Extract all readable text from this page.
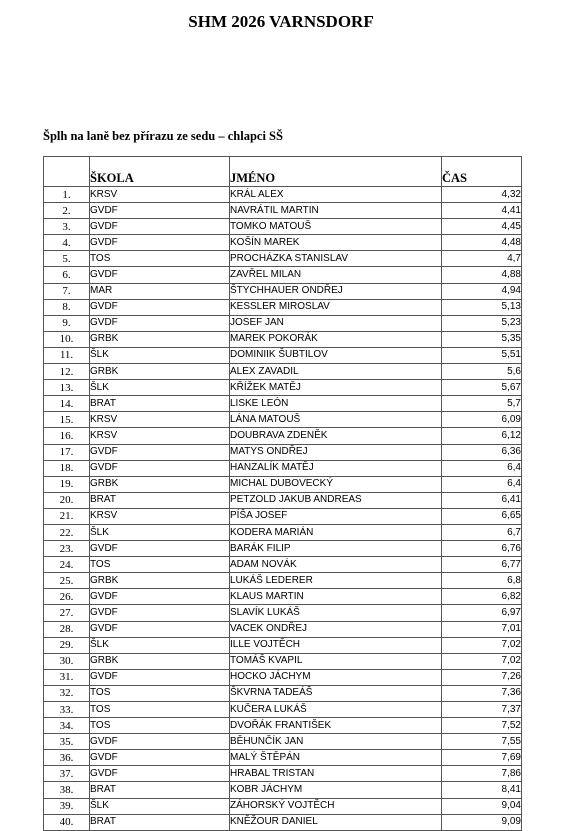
SHM 2026 VARNSDORF
Šplh na laně bez přírazu ze sedu – chlapci SŠ
	ŠKOLA	JMÉNO	ČAS
1.	KRSV	KRÁL ALEX	4,32
2.	GVDF	NAVRÁTIL MARTIN	4,41
3.	GVDF	TOMKO MATOUŠ	4,45
4.	GVDF	KOŠÍN MAREK	4,48
5.	TOS	PROCHÁZKA STANISLAV	4,7
6.	GVDF	ZAVŘEL MILAN	4,88
7.	MAR	ŠTYCHHAUER ONDŘEJ	4,94
8.	GVDF	KESSLER MIROSLAV	5,13
9.	GVDF	JOSEF JAN	5,23
10.	GRBK	MAREK POKORÁK	5,35
11.	ŠLK	DOMINIIK ŠUBTILOV	5,51
12.	GRBK	ALEX ZAVADIL	5,6
13.	ŠLK	KŘÍŽEK MATĚJ	5,67
14.	BRAT	LISKE LEÓN	5,7
15.	KRSV	LÁNA MATOUŠ	6,09
16.	KRSV	DOUBRAVA ZDENĚK	6,12
17.	GVDF	MATYS ONDŘEJ	6,36
18.	GVDF	HANZALÍK MATĚJ	6,4
19.	GRBK	MICHAL DUBOVECKÝ	6,4
20.	BRAT	PETZOLD JAKUB ANDREAS	6,41
21.	KRSV	PÍŠA JOSEF	6,65
22.	ŠLK	KODERA MARIÁN	6,7
23.	GVDF	BARÁK FILIP	6,76
24.	TOS	ADAM NOVÁK	6,77
25.	GRBK	LUKÁŠ LEDERER	6,8
26.	GVDF	KLAUS MARTIN	6,82
27.	GVDF	SLAVÍK LUKÁŠ	6,97
28.	GVDF	VACEK ONDŘEJ	7,01
29.	ŠLK	ILLE VOJTĚCH	7,02
30.	GRBK	TOMÁŠ KVAPIL	7,02
31.	GVDF	HOCKO JÁCHYM	7,26
32.	TOS	ŠKVRNA TADEÁŠ	7,36
33.	TOS	KUČERA LUKÁŠ	7,37
34.	TOS	DVOŘÁK FRANTIŠEK	7,52
35.	GVDF	BĚHUNČÍK JAN	7,55
36.	GVDF	MALÝ ŠTĚPÁN	7,69
37.	GVDF	HRABAL TRISTAN	7,86
38.	BRAT	KOBR JÁCHYM	8,41
39.	ŠLK	ZÁHORSKÝ VOJTĚCH	9,04
40.	BRAT	KNĚŽOUR DANIEL	9,09
